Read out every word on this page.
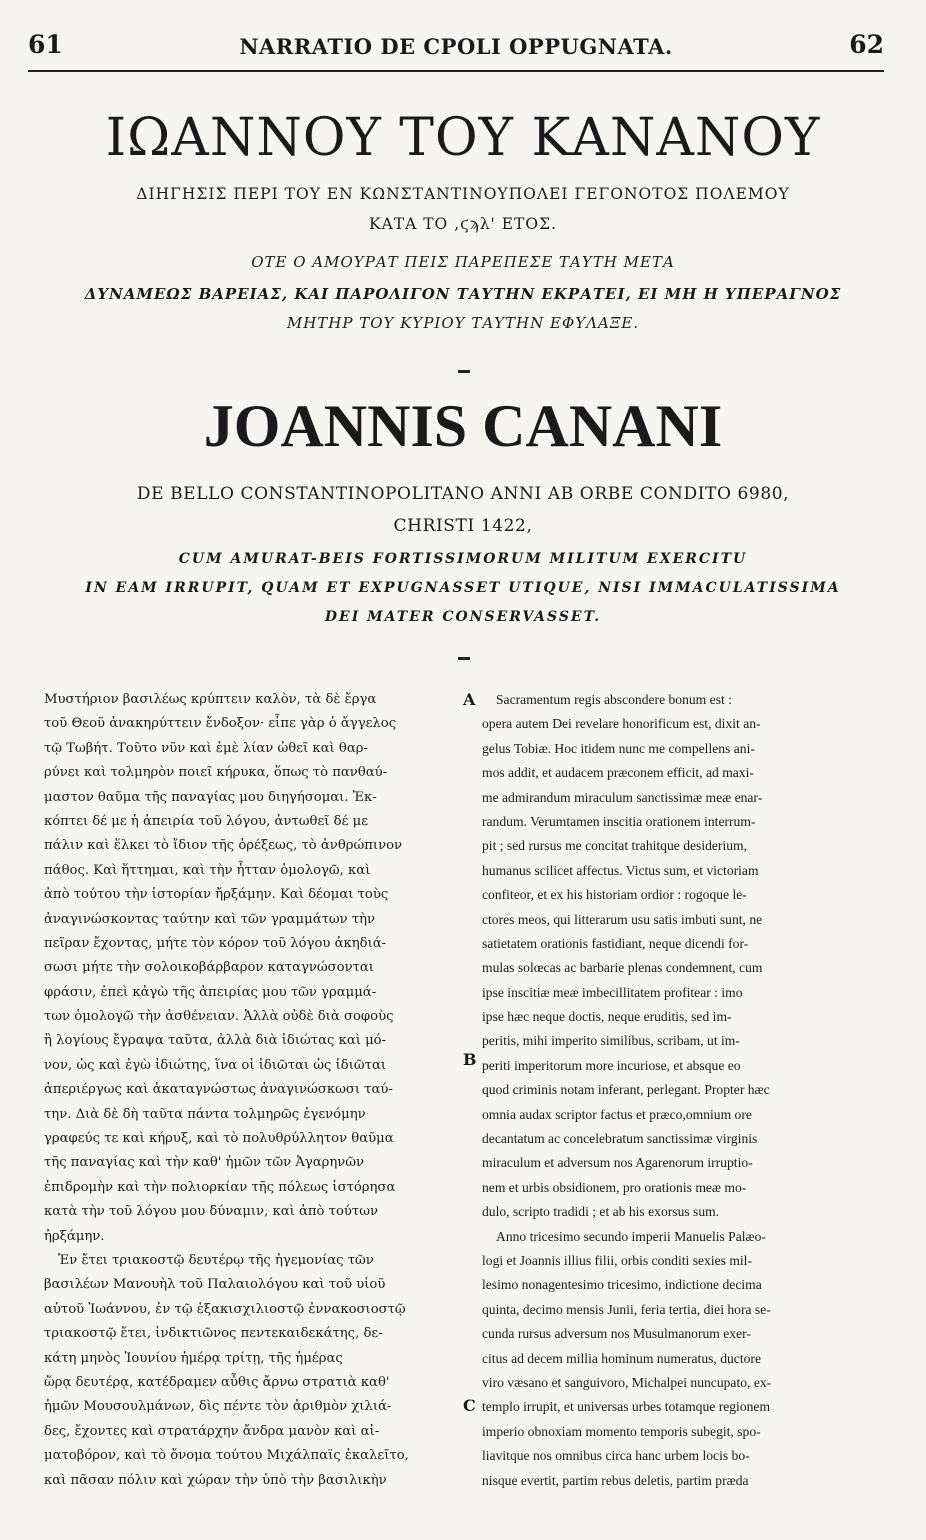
61	NARRATIO DE CPOLI OPPUGNATA.	62
ΙΩΑΝΝΟΥ ΤΟΥ ΚΑΝΑΝΟΥ
ΔΙΗΓΗΣΙΣ ΠΕΡΙ ΤΟΥ ΕΝ ΚΩΝΣΤΑΝΤΙΝΟΥΠΟΛΕΙ ΓΕΓΟΝΟΤΟΣ ΠΟΛΕΜΟΥ
ΚΑΤΑ ΤΟ ,ϛϡλ' ΕΤΟΣ.
ΟΤΕ Ο ΑΜΟΥΡΑΤ ΠΕΙΣ ΠΑΡΕΠΕΣΕ ΤΑΥΤΗ ΜΕΤΑ
ΔΥΝΑΜΕΩΣ ΒΑΡΕΙΑΣ, ΚΑΙ ΠΑΡΟΛΙΓΟΝ ΤΑΥΤΗΝ ΕΚΡΑΤΕΙ, ΕΙ ΜΗ Η ΥΠΕΡΑΓΝΟΣ
ΜΗΤΗΡ ΤΟΥ ΚΥΡΙΟΥ ΤΑΥΤΗΝ ΕΦΥΛΑΞΕ.
JOANNIS CANANI
DE BELLO CONSTANTINOPOLITANO ANNI AB ORBE CONDITO 6980,
CHRISTI 1422,
CUM AMURAT-BEIS FORTISSIMORUM MILITUM EXERCITU
IN EAM IRRUPIT, QUAM ET EXPUGNASSET UTIQUE, NISI IMMACULATISSIMA
DEI MATER CONSERVASSET.
Μυστήριον βασιλέως κρύπτειν καλὸν, τὰ δὲ ἔργα
τοῦ Θεοῦ ἀνακηρύττειν ἔνδοξον· εἶπε γὰρ ὁ ἄγγελος
τῷ Τωβήτ. Τοῦτο νῦν καὶ ἐμὲ λίαν ὠθεῖ καὶ θαρ-
ρύνει καὶ τολμηρὸν ποιεῖ κήρυκα, ὅπως τὸ πανθαύ-
μαστον θαῦμα τῆς παναγίας μου διηγήσομαι. Ἐκ-
κόπτει δέ με ἡ ἀπειρία τοῦ λόγου, ἀντωθεῖ δέ με
πάλιν καὶ ἕλκει τὸ ἴδιον τῆς ὀρέξεως, τὸ ἀνθρώπινον
πάθος. Καὶ ἥττημαι, καὶ τὴν ἧτταν ὁμολογῶ, καὶ
ἀπὸ τούτου τὴν ἱστορίαν ἤρξάμην. Καὶ δέομαι τοὺς
ἀναγινώσκοντας ταύτην καὶ τῶν γραμμάτων τὴν
πεῖραν ἔχοντας, μήτε τὸν κόρον τοῦ λόγου ἀκηδιά-
σωσι μήτε τὴν σολοικοβάρβαρον καταγνώσονται
φράσιν, ἐπεὶ κἀγὼ τῆς ἀπειρίας μου τῶν γραμμά-
των ὁμολογῶ τὴν ἀσθένειαν. Ἀλλὰ οὐδὲ διὰ σοφοὺς
ἢ λογίους ἔγραψα ταῦτα, ἀλλὰ διὰ ἰδιώτας καὶ μό-
νον, ὡς καὶ ἐγὼ ἰδιώτης, ἵνα οἱ ἰδιῶται ὡς ἰδιῶται
ἀπεριέργως καὶ ἀκαταγνώστως ἀναγινώσκωσι ταύ-
την. Διὰ δὲ δὴ ταῦτα πάντα τολμηρῶς ἐγενόμην
γραφεύς τε καὶ κήρυξ, καὶ τὸ πολυθρύλλητον θαῦμα
τῆς παναγίας καὶ τὴν καθ' ἡμῶν τῶν Ἀγαρηνῶν
ἐπιδρομὴν καὶ τὴν πολιορκίαν τῆς πόλεως ἱστόρησα
κατὰ τὴν τοῦ λόγου μου δύναμιν, καὶ ἀπὸ τούτων
ἠρξάμην.
Ἐν ἔτει τριακοστῷ δευτέρῳ τῆς ἡγεμονίας τῶν
βασιλέων Μανουὴλ τοῦ Παλαιολόγου καὶ τοῦ υἱοῦ
αὐτοῦ Ἰωάννου, ἐν τῷ ἑξακισχιλιοστῷ ἐννακοσιοστῷ
τριακοστῷ ἔτει, ἰνδικτιῶνος πεντεκαιδεκάτης, δε-
κάτη μηνὸς Ἰουνίου ἡμέρᾳ τρίτῃ, τῆς ἡμέρας
ὥρᾳ δευτέρᾳ, κατέδραμεν αὖθις ἄρνω στρατιὰ καθ'
ἡμῶν Μουσουλμάνων, δὶς πέντε τὸν ἀριθμὸν χιλιά-
δες, ἔχοντες καὶ στρατάρχην ἄνδρα μανὸν καὶ αἱ-
ματοβόρον, καὶ τὸ ὄνομα τούτου Μιχάλπαϊς ἐκαλεῖτο,
καὶ πᾶσαν πόλιν καὶ χώραν τὴν ὑπὸ τὴν βασιλικὴν
Sacramentum regis abscondere bonum est :
opera autem Dei revelare honorificum est, dixit an-
gelus Tobiæ. Hoc itidem nunc me compellens ani-
mos addit, et audacem præconem efficit, ad maxi-
me admirandum miraculum sanctissimæ meæ enar-
randum. Verumtamen inscitia orationem interrum-
pit ; sed rursus me concitat trahitque desiderium,
humanus scilicet affectus. Victus sum, et victoriam
confiteor, et ex his historiam ordior : rogoque le-
ctores meos, qui litterarum usu satis imbuti sunt, ne
satietatem orationis fastidiant, neque dicendi for-
mulas solœcas ac barbarie plenas condemnent, cum
ipse inscitiæ meæ imbecillitatem profitear : imo
ipse hæc neque doctis, neque eruditis, sed im-
peritis, mihi imperito similibus, scribam, ut im-
periti imperitorum more incuriose, et absque eo
quod criminis notam inferant, perlegant. Propter hæc
omnia audax scriptor factus et præco,omnium ore
decantatum ac concelebratum sanctissimæ virginis
miraculum et adversum nos Agarenorum irruptio-
nem et urbis obsidionem, pro orationis meæ mo-
dulo, scripto tradidi ; et ab his exorsus sum.
Anno tricesimo secundo imperii Manuelis Palæo-
logi et Joannis illius filii, orbis conditi sexies mil-
lesimo nonagentesimo tricesimo, indictione decima
quinta, decimo mensis Junii, feria tertia, diei hora se-
cunda rursus adversum nos Musulmanorum exer-
citus ad decem millia hominum numeratus, ductore
viro væsano et sanguivoro, Michalpei nuncupato, ex-
templo irrupit, et universas urbes totamque regionem
imperio obnoxiam momento temporis subegit, spo-
liavitque nos omnibus circa hanc urbem locis bo-
nisque evertit, partim rebus deletis, partim præda
A
B
C
